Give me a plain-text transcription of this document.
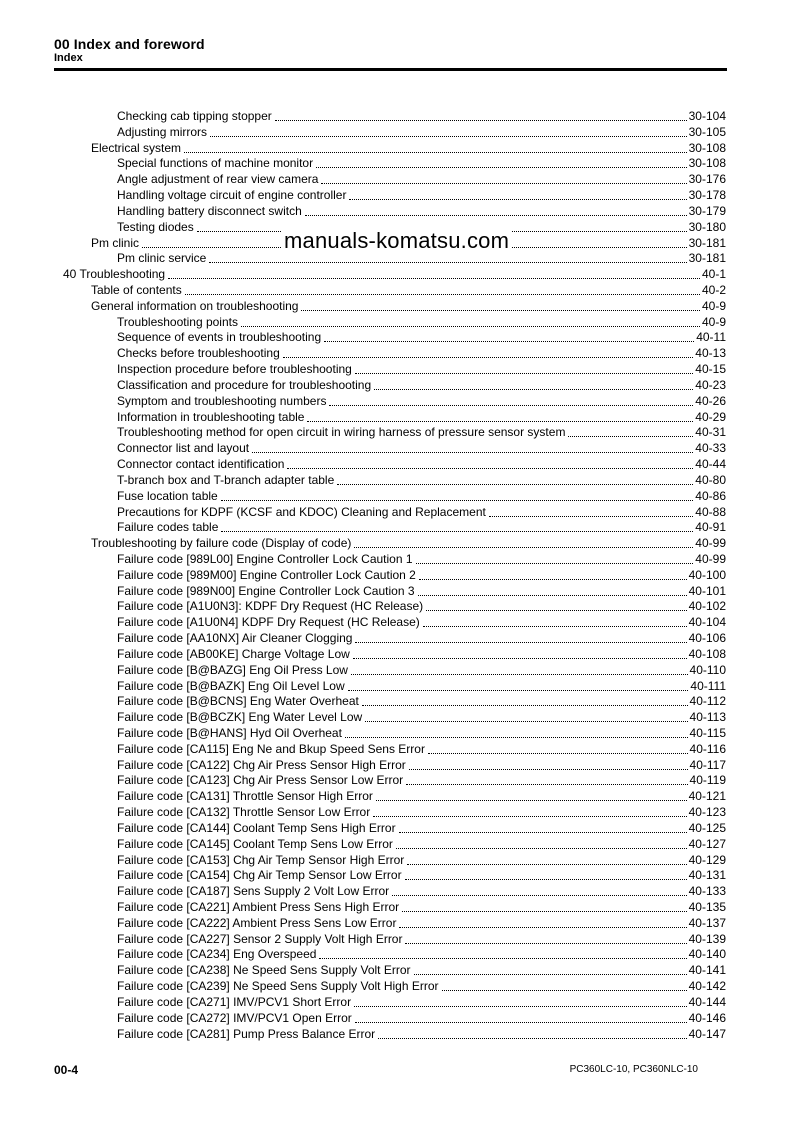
00 Index and foreword
Index
Checking cab tipping stopper	30-104
Adjusting mirrors	30-105
Electrical system	30-108
Special functions of machine monitor	30-108
Angle adjustment of rear view camera	30-176
Handling voltage circuit of engine controller	30-178
Handling battery disconnect switch	30-179
Testing diodes	30-180
Pm clinic	30-181
Pm clinic service	30-181
40 Troubleshooting	40-1
Table of contents	40-2
General information on troubleshooting	40-9
Troubleshooting points	40-9
Sequence of events in troubleshooting	40-11
Checks before troubleshooting	40-13
Inspection procedure before troubleshooting	40-15
Classification and procedure for troubleshooting	40-23
Symptom and troubleshooting numbers	40-26
Information in troubleshooting table	40-29
Troubleshooting method for open circuit in wiring harness of pressure sensor system	40-31
Connector list and layout	40-33
Connector contact identification	40-44
T-branch box and T-branch adapter table	40-80
Fuse location table	40-86
Precautions for KDPF (KCSF and KDOC) Cleaning and Replacement	40-88
Failure codes table	40-91
Troubleshooting by failure code (Display of code)	40-99
Failure code [989L00] Engine Controller Lock Caution 1	40-99
Failure code [989M00] Engine Controller Lock Caution 2	40-100
Failure code [989N00] Engine Controller Lock Caution 3	40-101
Failure code [A1U0N3]: KDPF Dry Request (HC Release)	40-102
Failure code [A1U0N4] KDPF Dry Request (HC Release)	40-104
Failure code [AA10NX] Air Cleaner Clogging	40-106
Failure code [AB00KE] Charge Voltage Low	40-108
Failure code [B@BAZG] Eng Oil Press Low	40-110
Failure code [B@BAZK] Eng Oil Level Low	40-111
Failure code [B@BCNS] Eng Water Overheat	40-112
Failure code [B@BCZK] Eng Water Level Low	40-113
Failure code [B@HANS] Hyd Oil Overheat	40-115
Failure code [CA115] Eng Ne and Bkup Speed Sens Error	40-116
Failure code [CA122] Chg Air Press Sensor High Error	40-117
Failure code [CA123] Chg Air Press Sensor Low Error	40-119
Failure code [CA131] Throttle Sensor High Error	40-121
Failure code [CA132] Throttle Sensor Low Error	40-123
Failure code [CA144] Coolant Temp Sens High Error	40-125
Failure code [CA145] Coolant Temp Sens Low Error	40-127
Failure code [CA153] Chg Air Temp Sensor High Error	40-129
Failure code [CA154] Chg Air Temp Sensor Low Error	40-131
Failure code [CA187] Sens Supply 2 Volt Low Error	40-133
Failure code [CA221] Ambient Press Sens High Error	40-135
Failure code [CA222] Ambient Press Sens Low Error	40-137
Failure code [CA227] Sensor 2 Supply Volt High Error	40-139
Failure code [CA234] Eng Overspeed	40-140
Failure code [CA238] Ne Speed Sens Supply Volt Error	40-141
Failure code [CA239] Ne Speed Sens Supply Volt High Error	40-142
Failure code [CA271] IMV/PCV1 Short Error	40-144
Failure code [CA272] IMV/PCV1 Open Error	40-146
Failure code [CA281] Pump Press Balance Error	40-147
manuals-komatsu.com
00-4	PC360LC-10, PC360NLC-10
